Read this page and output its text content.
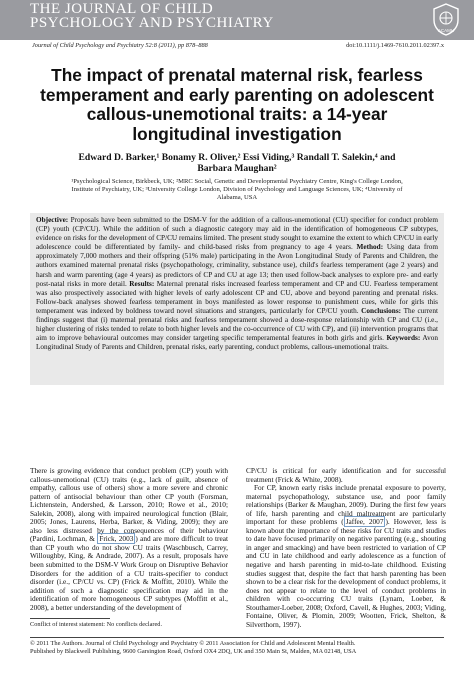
THE JOURNAL OF CHILD
PSYCHOLOGY AND PSYCHIATRY	ACAMH
Journal of Child Psychology and Psychiatry 52:8 (2011), pp 878–888	doi:10.1111/j.1469-7610.2011.02397.x
The impact of prenatal maternal risk, fearless temperament and early parenting on adolescent callous-unemotional traits: a 14-year longitudinal investigation
Edward D. Barker,¹ Bonamy R. Oliver,² Essi Viding,³ Randall T. Salekin,⁴ and
Barbara Maughan²
¹Psychological Science, Birkbeck, UK; ²MRC Social, Genetic and Developmental Psychiatry Centre, King's College London, Institute of Psychiatry, UK; ³University College London, Division of Psychology and Language Sciences, UK; ⁴University of Alabama, USA
Objective: Proposals have been submitted to the DSM-V for the addition of a callous-unemotional (CU) specifier for conduct problem (CP) youth (CP/CU). While the addition of such a diagnostic category may aid in the identification of homogeneous CP subtypes, evidence on risks for the development of CP/CU remains limited. The present study sought to examine the extent to which CP/CU in early adolescence could be differentiated by family- and child-based risks from pregnancy to age 4 years. Method: Using data from approximately 7,000 mothers and their offspring (51% male) participating in the Avon Longitudinal Study of Parents and Children, the authors examined maternal prenatal risks (psychopathology, criminality, substance use), child's fearless temperament (age 2 years) and harsh and warm parenting (age 4 years) as predictors of CP and CU at age 13; then used follow-back analyses to explore pre- and early post-natal risks in more detail. Results: Maternal prenatal risks increased fearless temperament and CP and CU. Fearless temperament was also prospectively associated with higher levels of early adolescent CP and CU, above and beyond parenting and prenatal risks. Follow-back analyses showed fearless temperament in boys manifested as lower response to punishment cues, while for girls this temperament was indexed by boldness toward novel situations and strangers, particularly for CP/CU youth. Conclusions: The current findings suggest that (i) maternal prenatal risks and fearless temperament showed a dose-response relationship with CP and CU (i.e., higher clustering of risks tended to relate to both higher levels and the co-occurrence of CU with CP), and (ii) intervention programs that aim to improve behavioural outcomes may consider targeting specific temperamental features in both girls and girls. Keywords: Avon Longitudinal Study of Parents and Children, prenatal risks, early parenting, conduct problems, callous-unemotional traits.
There is growing evidence that conduct problem (CP) youth with callous-unemotional (CU) traits (e.g., lack of guilt, absence of empathy, callous use of others) show a more severe and chronic pattern of antisocial behaviour than other CP youth (Forsman, Lichtenstein, Andershed, & Larsson, 2010; Rowe et al., 2010; Salekin, 2008), along with impaired neurological function (Blair, 2005; Jones, Laurens, Herba, Barker, & Viding, 2009); they are also less distressed by the consequences of their behaviour (Pardini, Lochman, & Frick, 2003 ) and are more difficult to treat than CP youth who do not show CU traits (Waschbusch, Carrey, Willoughby, King, & Andrade, 2007). As a result, proposals have been submitted to the DSM-V Work Group on Disruptive Behavior Disorders for the addition of a CU traits-specifier to conduct disorder (i.e., CP/CU vs. CP) (Frick & Moffitt, 2010). While the addition of such a diagnostic specification may aid in the identification of more homogeneous CP subtypes (Moffitt et al., 2008), a better understanding of the development of
CP/CU is critical for early identification and for successful treatment (Frick & White, 2008).
For CP, known early risks include prenatal exposure to poverty, maternal psychopathology, substance use, and poor family relationships (Barker & Maughan, 2009). During the first few years of life, harsh parenting and child maltreatment are particularly important for these problems ( Jaffee, 2007 ). However, less is known about the importance of these risks for CU traits and studies to date have focused primarily on negative parenting (e.g., shouting in anger and smacking) and have been restricted to variation of CP and CU in late childhood and early adolescence as a function of negative and harsh parenting in mid-to-late childhood. Existing studies suggest that, despite the fact that harsh parenting has been shown to be a clear risk for the development of conduct problems, it does not appear to relate to the level of conduct problems in children with co-occurring CU traits (Lynam, Loeber, & Stouthamer-Loeber, 2008; Oxford, Cavell, & Hughes, 2003; Viding, Fontaine, Oliver, & Plomin, 2009; Wootten, Frick, Shelton, & Silverthorn, 1997).
Conflict of interest statement: No conflicts declared.
© 2011 The Authors. Journal of Child Psychology and Psychiatry © 2011 Association for Child and Adolescent Mental Health.
Published by Blackwell Publishing, 9600 Garsington Road, Oxford OX4 2DQ, UK and 350 Main St, Malden, MA 02148, USA
